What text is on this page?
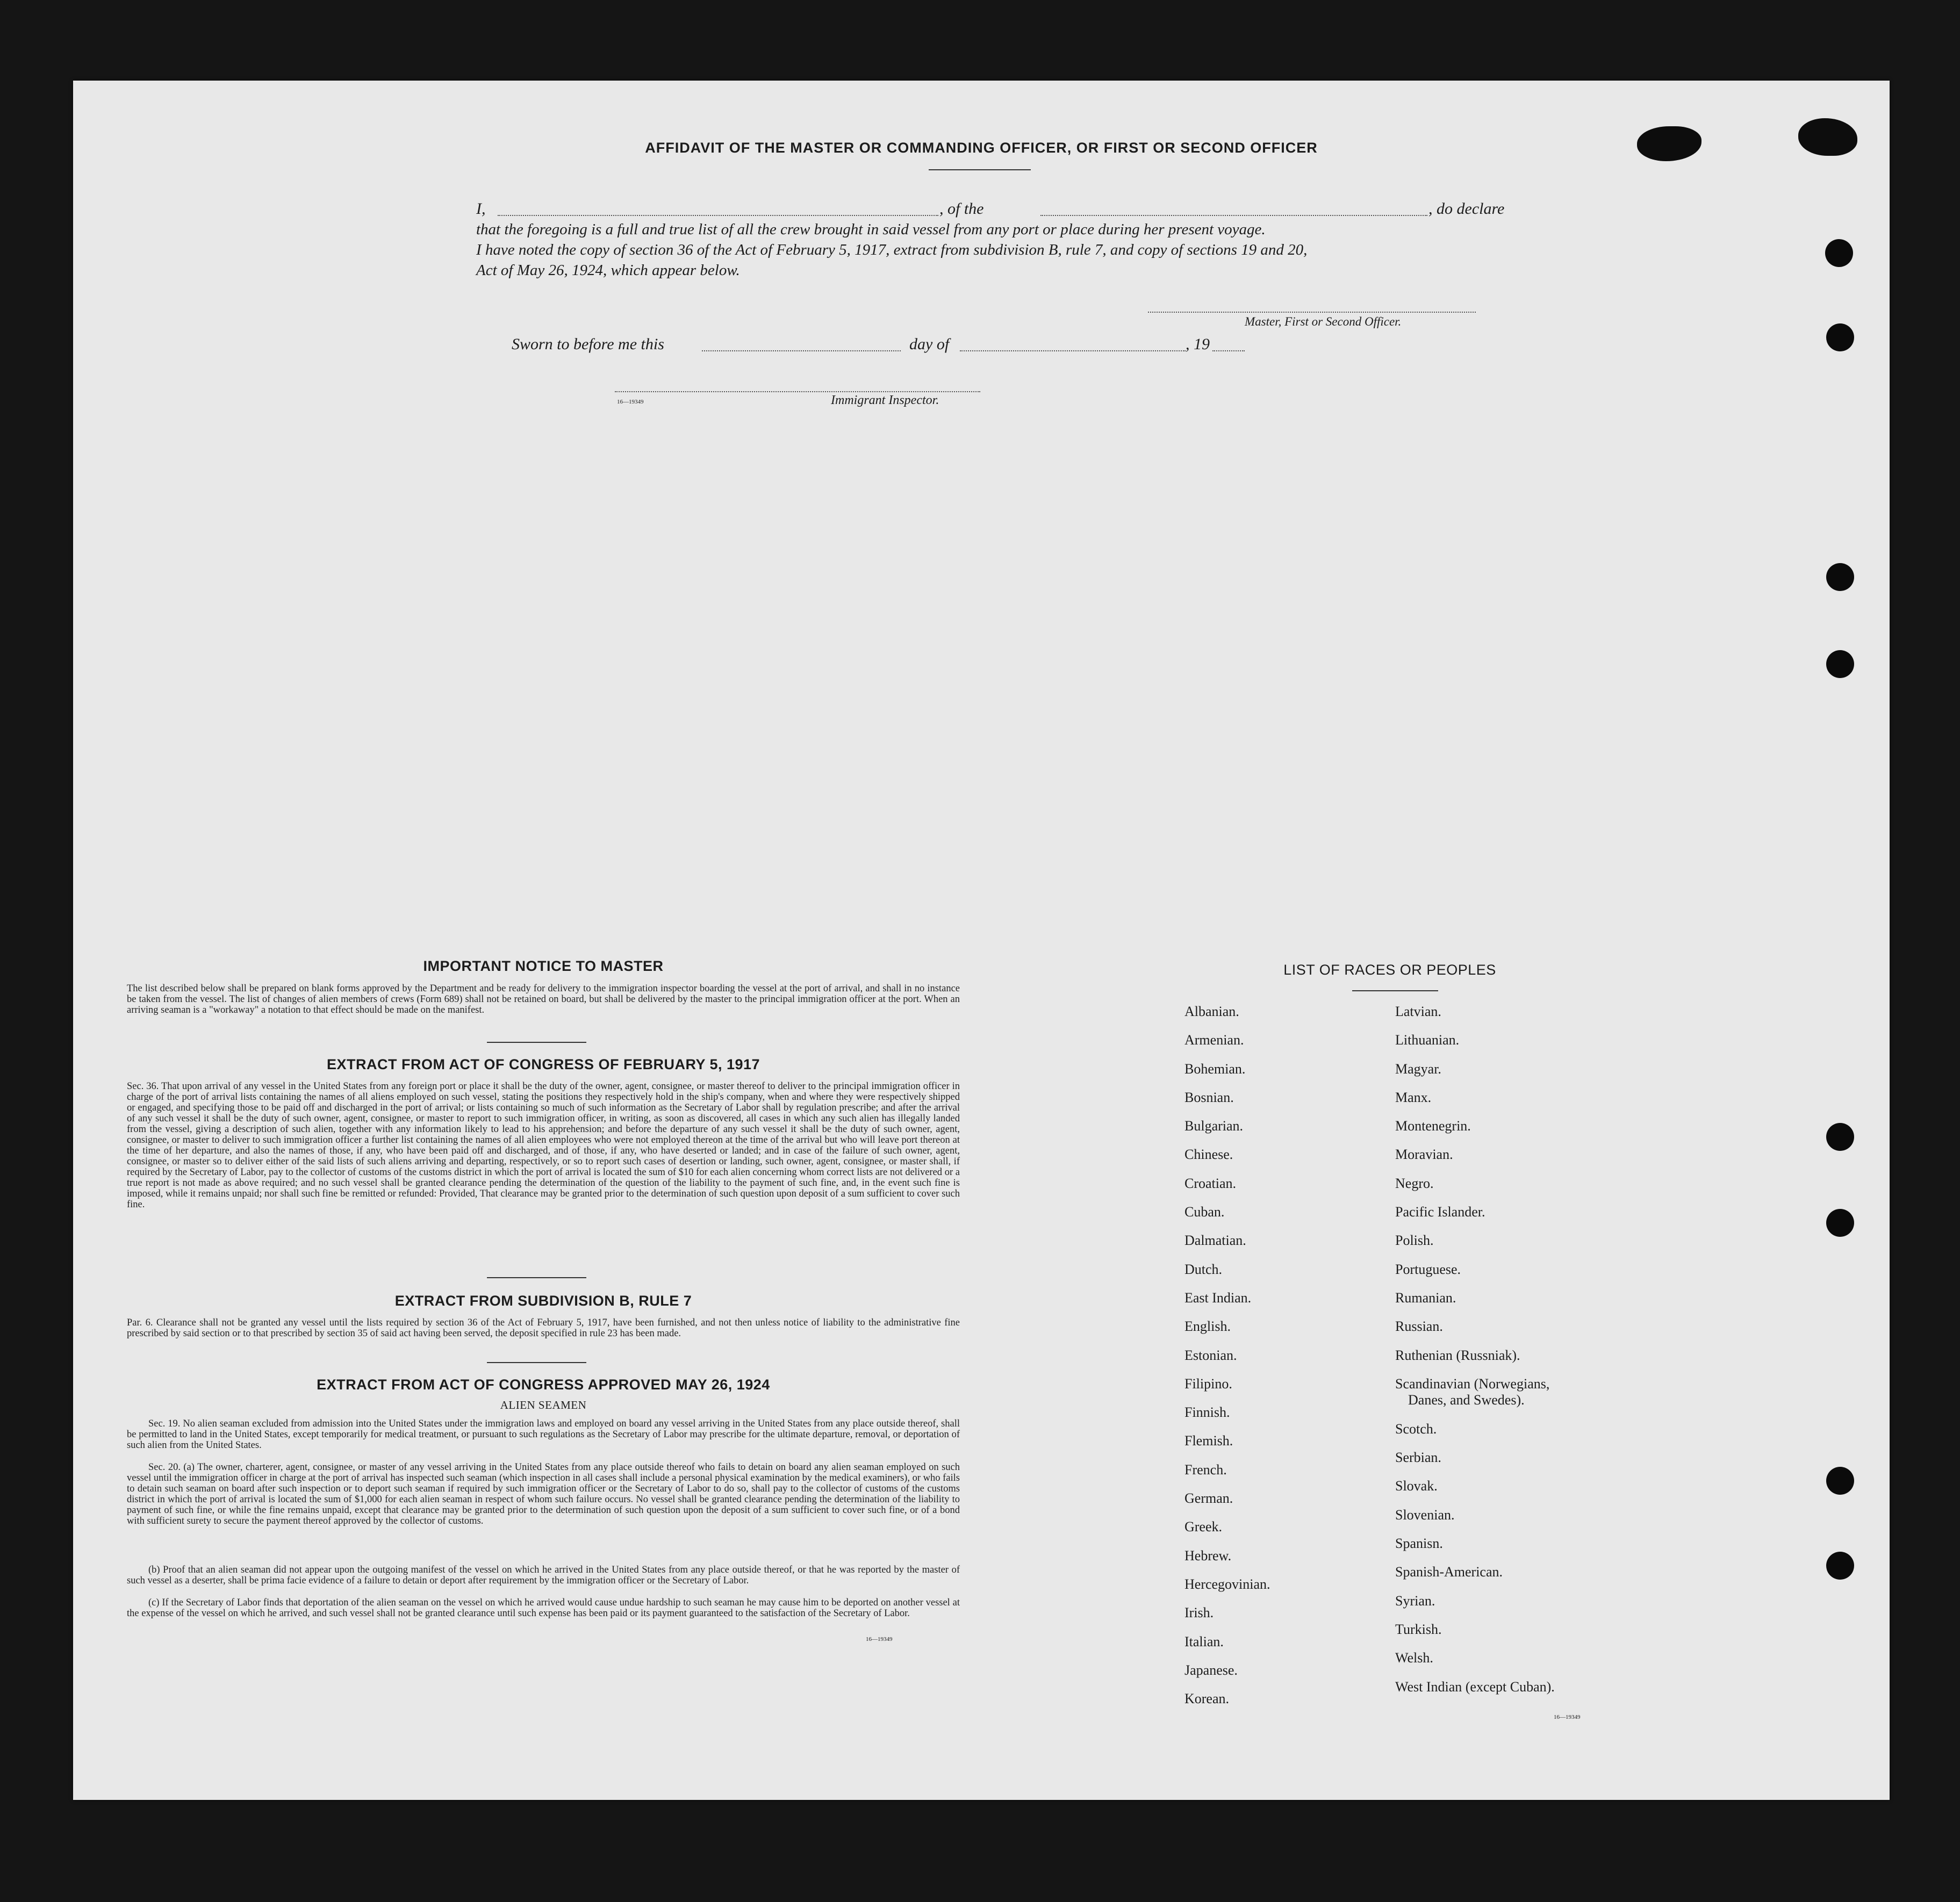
AFFIDAVIT OF THE MASTER OR COMMANDING OFFICER, OR FIRST OR SECOND OFFICER
I,	, of the	, do declare
that the foregoing is a full and true list of all the crew brought in said vessel from any port or place during her present voyage.
I have noted the copy of section 36 of the Act of February 5, 1917, extract from subdivision B, rule 7, and copy of sections 19 and 20,
Act of May 26, 1924, which appear below.
Master, First or Second Officer.
Sworn to before me this	day of	, 19
16—19349	Immigrant Inspector.
IMPORTANT NOTICE TO MASTER
The list described below shall be prepared on blank forms approved by the Department and be ready for delivery to the immigration inspector boarding the vessel at the port of arrival, and shall in no instance be taken from the vessel. The list of changes of alien members of crews (Form 689) shall not be retained on board, but shall be delivered by the master to the principal immigration officer at the port. When an arriving seaman is a "workaway" a notation to that effect should be made on the manifest.
EXTRACT FROM ACT OF CONGRESS OF FEBRUARY 5, 1917
Sec. 36. That upon arrival of any vessel in the United States from any foreign port or place it shall be the duty of the owner, agent, consignee, or master thereof to deliver to the principal immigration officer in charge of the port of arrival lists containing the names of all aliens employed on such vessel, stating the positions they respectively hold in the ship's company, when and where they were respectively shipped or engaged, and specifying those to be paid off and discharged in the port of arrival; or lists containing so much of such information as the Secretary of Labor shall by regulation prescribe; and after the arrival of any such vessel it shall be the duty of such owner, agent, consignee, or master to report to such immigration officer, in writing, as soon as discovered, all cases in which any such alien has illegally landed from the vessel, giving a description of such alien, together with any information likely to lead to his apprehension; and before the departure of any such vessel it shall be the duty of such owner, agent, consignee, or master to deliver to such immigration officer a further list containing the names of all alien employees who were not employed thereon at the time of the arrival but who will leave port thereon at the time of her departure, and also the names of those, if any, who have been paid off and discharged, and of those, if any, who have deserted or landed; and in case of the failure of such owner, agent, consignee, or master so to deliver either of the said lists of such aliens arriving and departing, respectively, or so to report such cases of desertion or landing, such owner, agent, consignee, or master shall, if required by the Secretary of Labor, pay to the collector of customs of the customs district in which the port of arrival is located the sum of $10 for each alien concerning whom correct lists are not delivered or a true report is not made as above required; and no such vessel shall be granted clearance pending the determination of the question of the liability to the payment of such fine, and, in the event such fine is imposed, while it remains unpaid; nor shall such fine be remitted or refunded: Provided, That clearance may be granted prior to the determination of such question upon deposit of a sum sufficient to cover such fine.
EXTRACT FROM SUBDIVISION B, RULE 7
Par. 6. Clearance shall not be granted any vessel until the lists required by section 36 of the Act of February 5, 1917, have been furnished, and not then unless notice of liability to the administrative fine prescribed by said section or to that prescribed by section 35 of said act having been served, the deposit specified in rule 23 has been made.
EXTRACT FROM ACT OF CONGRESS APPROVED MAY 26, 1924
ALIEN SEAMEN
Sec. 19. No alien seaman excluded from admission into the United States under the immigration laws and employed on board any vessel arriving in the United States from any place outside thereof, shall be permitted to land in the United States, except temporarily for medical treatment, or pursuant to such regulations as the Secretary of Labor may prescribe for the ultimate departure, removal, or deportation of such alien from the United States.
Sec. 20. (a) The owner, charterer, agent, consignee, or master of any vessel arriving in the United States from any place outside thereof who fails to detain on board any alien seaman employed on such vessel until the immigration officer in charge at the port of arrival has inspected such seaman (which inspection in all cases shall include a personal physical examination by the medical examiners), or who fails to detain such seaman on board after such inspection or to deport such seaman if required by such immigration officer or the Secretary of Labor to do so, shall pay to the collector of customs of the customs district in which the port of arrival is located the sum of $1,000 for each alien seaman in respect of whom such failure occurs. No vessel shall be granted clearance pending the determination of the liability to payment of such fine, or while the fine remains unpaid, except that clearance may be granted prior to the determination of such question upon the deposit of a sum sufficient to cover such fine, or of a bond with sufficient surety to secure the payment thereof approved by the collector of customs.
(b) Proof that an alien seaman did not appear upon the outgoing manifest of the vessel on which he arrived in the United States from any place outside thereof, or that he was reported by the master of such vessel as a deserter, shall be prima facie evidence of a failure to detain or deport after requirement by the immigration officer or the Secretary of Labor.
(c) If the Secretary of Labor finds that deportation of the alien seaman on the vessel on which he arrived would cause undue hardship to such seaman he may cause him to be deported on another vessel at the expense of the vessel on which he arrived, and such vessel shall not be granted clearance until such expense has been paid or its payment guaranteed to the satisfaction of the Secretary of Labor.
16—19349
LIST OF RACES OR PEOPLES
Albanian.
Armenian.
Bohemian.
Bosnian.
Bulgarian.
Chinese.
Croatian.
Cuban.
Dalmatian.
Dutch.
East Indian.
English.
Estonian.
Filipino.
Finnish.
Flemish.
French.
German.
Greek.
Hebrew.
Hercegovinian.
Irish.
Italian.
Japanese.
Korean.
Latvian.
Lithuanian.
Magyar.
Manx.
Montenegrin.
Moravian.
Negro.
Pacific Islander.
Polish.
Portuguese.
Rumanian.
Russian.
Ruthenian (Russniak).
Scandinavian (Norwegians,
Danes, and Swedes).
Scotch.
Serbian.
Slovak.
Slovenian.
Spanisn.
Spanish-American.
Syrian.
Turkish.
Welsh.
West Indian (except Cuban).
16—19349
